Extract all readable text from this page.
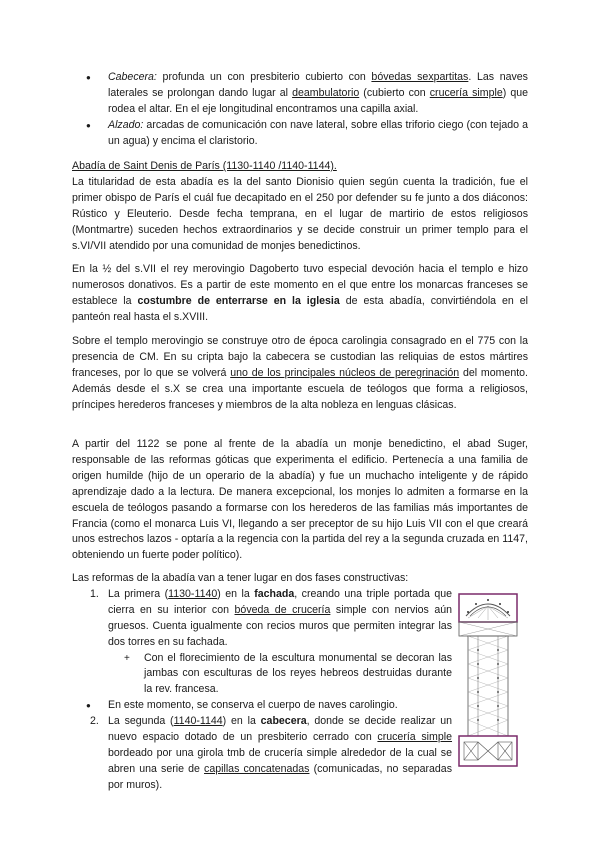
● Cabecera: profunda un con presbiterio cubierto con bóvedas sexpartitas. Las naves laterales se prolongan dando lugar al deambulatorio (cubierto con crucería simple) que rodea el altar. En el eje longitudinal encontramos una capilla axial.
● Alzado: arcadas de comunicación con nave lateral, sobre ellas triforio ciego (con tejado a un agua) y encima el claristorio.

Abadía de Saint Denis de París (1130-1140 /1140-1144).

La titularidad de esta abadía es la del santo Dionisio quien según cuenta la tradición, fue el primer obispo de París el cuál fue decapitado en el 250 por defender su fe junto a dos diáconos: Rústico y Eleuterio. Desde fecha temprana, en el lugar de martirio de estos religiosos (Montmartre) suceden hechos extraordinarios y se decide construir un primer templo para el s.VI/VII atendido por una comunidad de monjes benedictinos.

En la ½ del s.VII el rey merovingio Dagoberto tuvo especial devoción hacia el templo e hizo numerosos donativos. Es a partir de este momento en el que entre los monarcas franceses se establece la costumbre de enterrarse en la iglesia de esta abadía, convirtiéndola en el panteón real hasta el s.XVIII.

Sobre el templo merovingio se construye otro de época carolingia consagrado en el 775 con la presencia de CM. En su cripta bajo la cabecera se custodian las reliquias de estos mártires franceses, por lo que se volverá uno de los principales núcleos de peregrinación del momento. Además desde el s.X se crea una importante escuela de teólogos que forma a religiosos, príncipes herederos franceses y miembros de la alta nobleza en lenguas clásicas.

A partir del 1122 se pone al frente de la abadía un monje benedictino, el abad Suger, responsable de las reformas góticas que experimenta el edificio. Pertenecía a una familia de origen humilde (hijo de un operario de la abadía) y fue un muchacho inteligente y de rápido aprendizaje dado a la lectura. De manera excepcional, los monjes lo admiten a formarse en la escuela de teólogos pasando a formarse con los herederos de las familias más importantes de Francia (como el monarca Luis VI, llegando a ser preceptor de su hijo Luis VII con el que creará unos estrechos lazos - optaría a la regencia con la partida del rey a la segunda cruzada en 1147, obteniendo un fuerte poder político).

Las reformas de la abadía van a tener lugar en dos fases constructivas:

1. La primera (1130-1140) en la fachada, creando una triple portada que cierra en su interior con bóveda de crucería simple con nervios aún gruesos. Cuenta igualmente con recios muros que permiten integrar las dos torres en su fachada.
+ Con el florecimiento de la escultura monumental se decoran las jambas con esculturas de los reyes hebreos destruidas durante la rev. francesa.
● En este momento, se conserva el cuerpo de naves carolingio.
2. La segunda (1140-1144) en la cabecera, donde se decide realizar un nuevo espacio dotado de un presbiterio cerrado con crucería simple bordeado por una girola tmb de crucería simple alrededor de la cual se abren una serie de capillas concatenadas (comunicadas, no separadas por muros).
